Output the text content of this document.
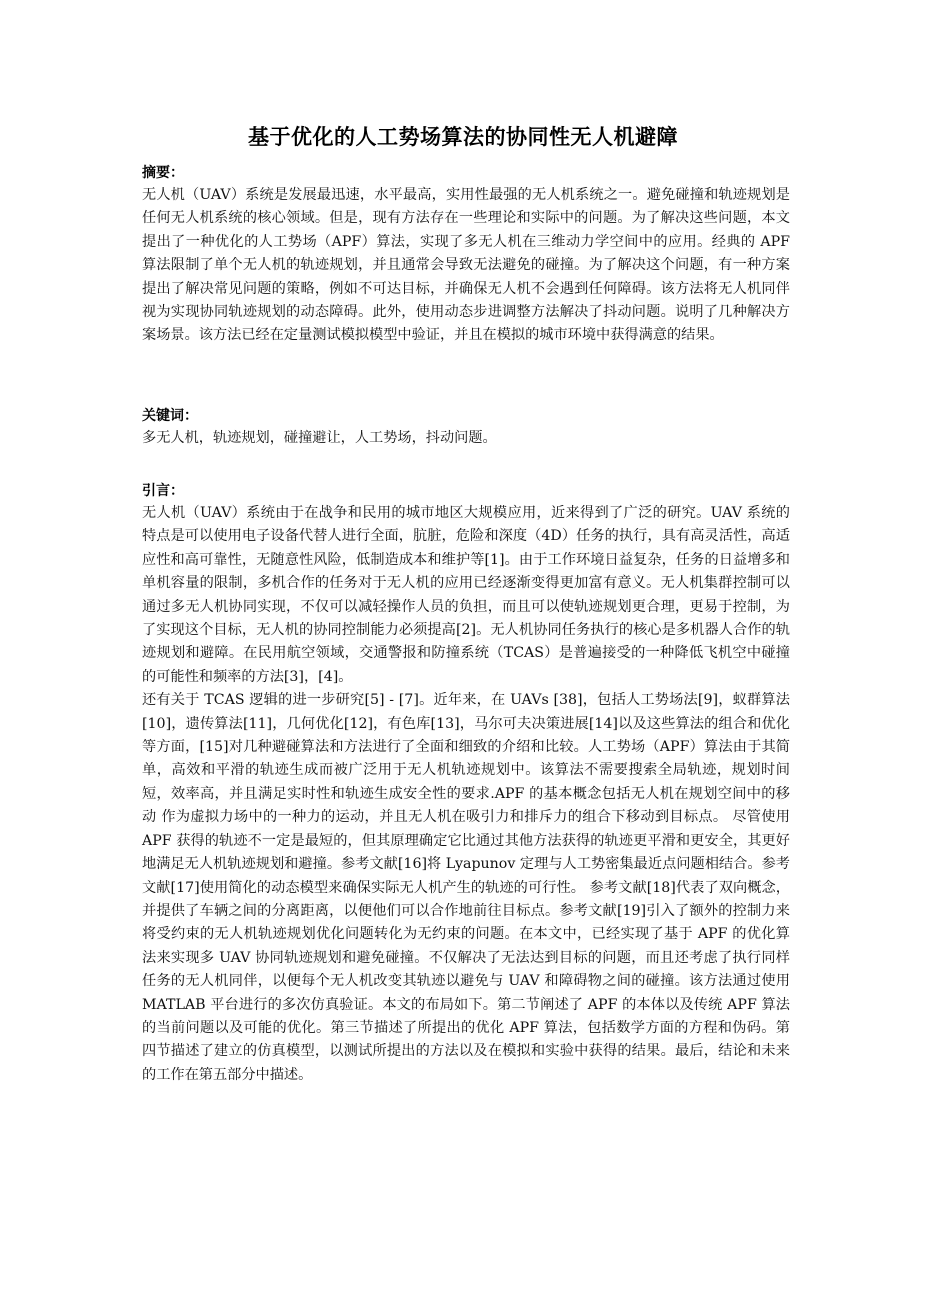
基于优化的人工势场算法的协同性无人机避障

摘要：

无人机（UAV）系统是发展最迅速，水平最高，实用性最强的无人机系统之一。避免碰撞和轨迹规划是任何无人机系统的核心领域。但是，现有方法存在一些理论和实际中的问题。为了解决这些问题，本文提出了一种优化的人工势场（APF）算法，实现了多无人机在三维动力学空间中的应用。经典的 APF 算法限制了单个无人机的轨迹规划，并且通常会导致无法避免的碰撞。为了解决这个问题，有一种方案提出了解决常见问题的策略，例如不可达目标，并确保无人机不会遇到任何障碍。该方法将无人机同伴视为实现协同轨迹规划的动态障碍。此外，使用动态步进调整方法解决了抖动问题。说明了几种解决方案场景。该方法已经在定量测试模拟模型中验证，并且在模拟的城市环境中获得满意的结果。

关键词：

多无人机，轨迹规划，碰撞避让，人工势场，抖动问题。

引言：

无人机（UAV）系统由于在战争和民用的城市地区大规模应用，近来得到了广泛的研究。UAV 系统的特点是可以使用电子设备代替人进行全面，肮脏，危险和深度（4D）任务的执行，具有高灵活性，高适应性和高可靠性，无随意性风险，低制造成本和维护等[1]。由于工作环境日益复杂，任务的日益增多和单机容量的限制，多机合作的任务对于无人机的应用已经逐渐变得更加富有意义。无人机集群控制可以通过多无人机协同实现，不仅可以减轻操作人员的负担，而且可以使轨迹规划更合理，更易于控制，为了实现这个目标，无人机的协同控制能力必须提高[2]。无人机协同任务执行的核心是多机器人合作的轨迹规划和避障。在民用航空领域，交通警报和防撞系统（TCAS）是普遍接受的一种降低飞机空中碰撞的可能性和频率的方法[3]，[4]。

还有关于 TCAS 逻辑的进一步研究[5] - [7]。近年来，在 UAVs [38]，包括人工势场法[9]，蚁群算法[10]，遗传算法[11]，几何优化[12]，有色库[13]，马尔可夫决策进展[14]以及这些算法的组合和优化等方面，[15]对几种避碰算法和方法进行了全面和细致的介绍和比较。人工势场（APF）算法由于其简单，高效和平滑的轨迹生成而被广泛用于无人机轨迹规划中。该算法不需要搜索全局轨迹，规划时间短，效率高，并且满足实时性和轨迹生成安全性的要求.APF 的基本概念包括无人机在规划空间中的移动 作为虚拟力场中的一种力的运动，并且无人机在吸引力和排斥力的组合下移动到目标点。 尽管使用 APF 获得的轨迹不一定是最短的，但其原理确定它比通过其他方法获得的轨迹更平滑和更安全，其更好地满足无人机轨迹规划和避撞。参考文献[16]将 Lyapunov 定理与人工势密集最近点问题相结合。参考文献[17]使用简化的动态模型来确保实际无人机产生的轨迹的可行性。 参考文献[18]代表了双向概念，并提供了车辆之间的分离距离，以便他们可以合作地前往目标点。参考文献[19]引入了额外的控制力来将受约束的无人机轨迹规划优化问题转化为无约束的问题。在本文中，已经实现了基于 APF 的优化算法来实现多 UAV 协同轨迹规划和避免碰撞。不仅解决了无法达到目标的问题，而且还考虑了执行同样任务的无人机同伴，以便每个无人机改变其轨迹以避免与 UAV 和障碍物之间的碰撞。该方法通过使用 MATLAB 平台进行的多次仿真验证。本文的布局如下。第二节阐述了 APF 的本体以及传统 APF 算法的当前问题以及可能的优化。第三节描述了所提出的优化 APF 算法，包括数学方面的方程和伪码。第四节描述了建立的仿真模型，以测试所提出的方法以及在模拟和实验中获得的结果。最后，结论和未来的工作在第五部分中描述。
